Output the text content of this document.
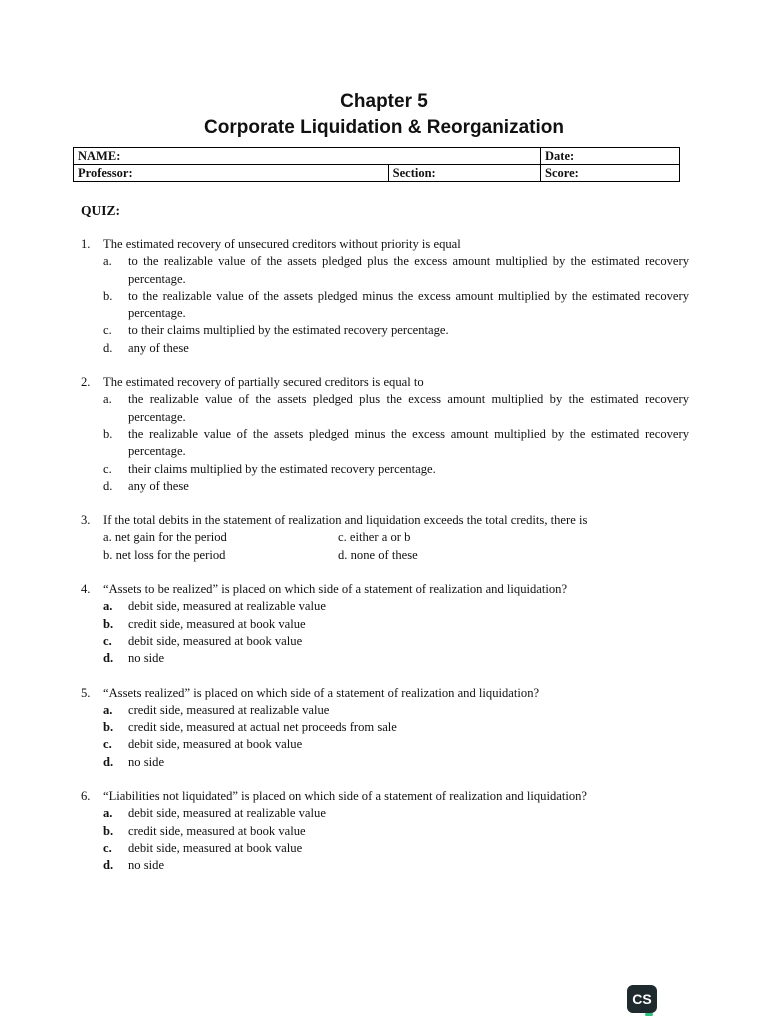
Chapter 5
Corporate Liquidation & Reorganization
NAME:		Date:
Professor:	Section:	Score:
QUIZ:
1. The estimated recovery of unsecured creditors without priority is equal
a.	to the realizable value of the assets pledged plus the excess amount multiplied by the estimated recovery percentage.
b.	to the realizable value of the assets pledged minus the excess amount multiplied by the estimated recovery percentage.
c.	to their claims multiplied by the estimated recovery percentage.
d.	any of these
2. The estimated recovery of partially secured creditors is equal to
a.	the realizable value of the assets pledged plus the excess amount multiplied by the estimated recovery percentage.
b.	the realizable value of the assets pledged minus the excess amount multiplied by the estimated recovery percentage.
c.	their claims multiplied by the estimated recovery percentage.
d.	any of these
3. If the total debits in the statement of realization and liquidation exceeds the total credits, there is
a. net gain for the period	c. either a or b
b. net loss for the period	d. none of these
4. “Assets to be realized” is placed on which side of a statement of realization and liquidation?
a.	debit side, measured at realizable value
b.	credit side, measured at book value
c.	debit side, measured at book value
d.	no side
5. “Assets realized” is placed on which side of a statement of realization and liquidation?
a.	credit side, measured at realizable value
b.	credit side, measured at actual net proceeds from sale
c.	debit side, measured at book value
d.	no side
6. “Liabilities not liquidated” is placed on which side of a statement of realization and liquidation?
a.	debit side, measured at realizable value
b.	credit side, measured at book value
c.	debit side, measured at book value
d.	no side
CS
